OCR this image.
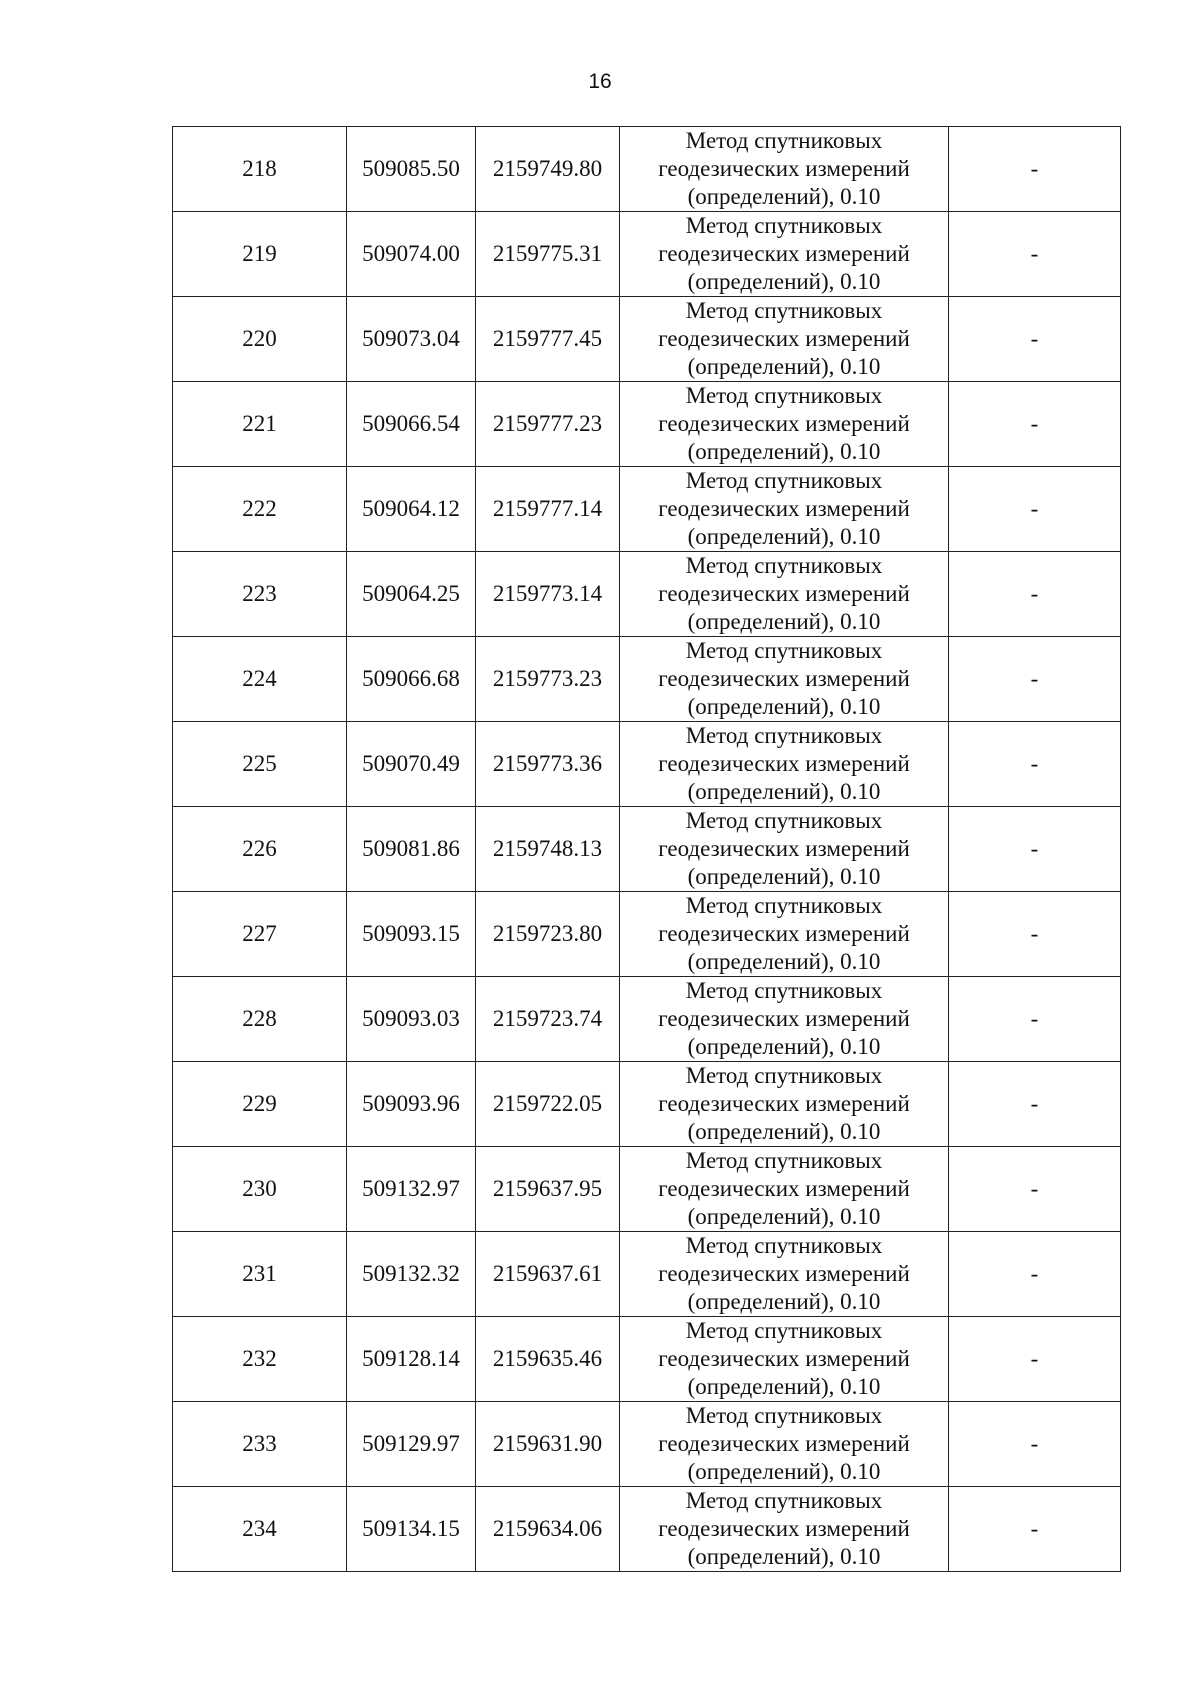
16
218	509085.50	2159749.80	Метод спутниковых
геодезических измерений
(определений), 0.10	-
219	509074.00	2159775.31	Метод спутниковых
геодезических измерений
(определений), 0.10	-
220	509073.04	2159777.45	Метод спутниковых
геодезических измерений
(определений), 0.10	-
221	509066.54	2159777.23	Метод спутниковых
геодезических измерений
(определений), 0.10	-
222	509064.12	2159777.14	Метод спутниковых
геодезических измерений
(определений), 0.10	-
223	509064.25	2159773.14	Метод спутниковых
геодезических измерений
(определений), 0.10	-
224	509066.68	2159773.23	Метод спутниковых
геодезических измерений
(определений), 0.10	-
225	509070.49	2159773.36	Метод спутниковых
геодезических измерений
(определений), 0.10	-
226	509081.86	2159748.13	Метод спутниковых
геодезических измерений
(определений), 0.10	-
227	509093.15	2159723.80	Метод спутниковых
геодезических измерений
(определений), 0.10	-
228	509093.03	2159723.74	Метод спутниковых
геодезических измерений
(определений), 0.10	-
229	509093.96	2159722.05	Метод спутниковых
геодезических измерений
(определений), 0.10	-
230	509132.97	2159637.95	Метод спутниковых
геодезических измерений
(определений), 0.10	-
231	509132.32	2159637.61	Метод спутниковых
геодезических измерений
(определений), 0.10	-
232	509128.14	2159635.46	Метод спутниковых
геодезических измерений
(определений), 0.10	-
233	509129.97	2159631.90	Метод спутниковых
геодезических измерений
(определений), 0.10	-
234	509134.15	2159634.06	Метод спутниковых
геодезических измерений
(определений), 0.10	-
